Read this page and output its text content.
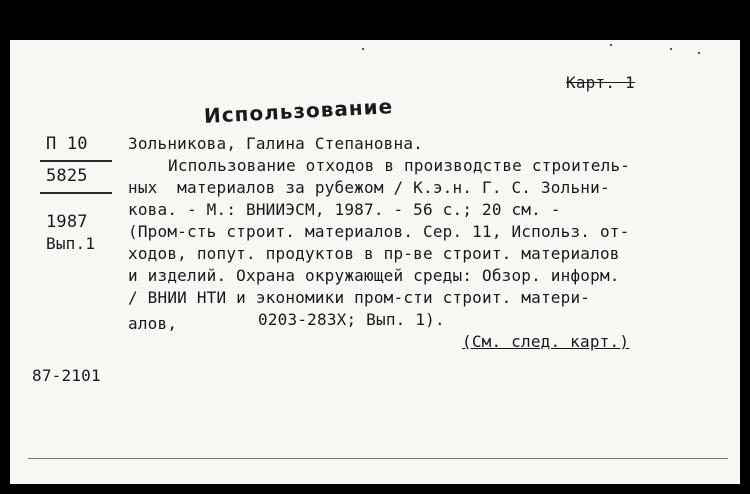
Карт. 1
Использование
П 10
5825
1987
Вып.1
Зольникова, Галина Степановна.
Использование отходов в производстве строитель-
ных  материалов за рубежом / К.э.н. Г. С. Зольни-
кова. - М.: ВНИИЭСМ, 1987. - 56 с.; 20 см. -
(Пром-сть строит. материалов. Сер. 11, Использ. от-
ходов, попут. продуктов в пр-ве строит. материалов
и изделий. Охрана окружающей среды: Обзор. информ.
/ ВНИИ НТИ и экономики пром-сти строит. матери-
алов,	0203-283X; Вып. 1).
(См. след. карт.)
87-2101
